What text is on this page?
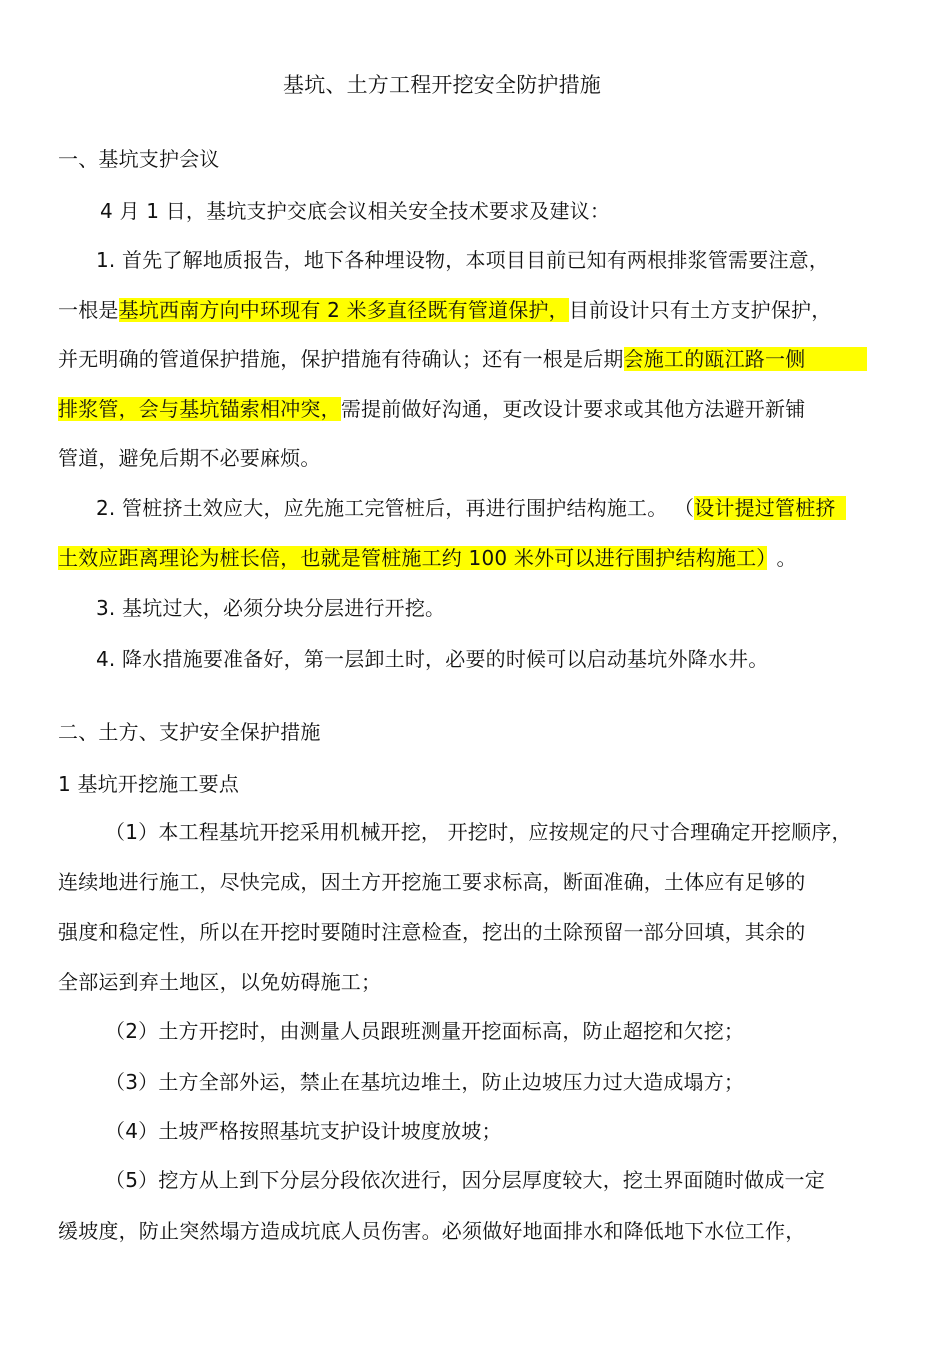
基坑、土方工程开挖安全防护措施
一、基坑支护会议
4 月 1 日，基坑支护交底会议相关安全技术要求及建议：
1. 首先了解地质报告，地下各种埋设物，本项目目前已知有两根排浆管需要注意，
一根是基坑西南方向中环现有 2 米多直径既有管道保护，目前设计只有土方支护保护，
并无明确的管道保护措施，保护措施有待确认；还有一根是后期会施工的瓯江路一侧
排浆管，会与基坑锚索相冲突，需提前做好沟通，更改设计要求或其他方法避开新铺
管道，避免后期不必要麻烦。
2. 管桩挤土效应大，应先施工完管桩后，再进行围护结构施工。 （设计提过管桩挤
土效应距离理论为桩长倍，也就是管桩施工约 100 米外可以进行围护结构施工） 。
3. 基坑过大，必须分块分层进行开挖。
4. 降水措施要准备好，第一层卸土时，必要的时候可以启动基坑外降水井。
二、土方、支护安全保护措施
1 基坑开挖施工要点
（1）本工程基坑开挖采用机械开挖， 开挖时，应按规定的尺寸合理确定开挖顺序，
连续地进行施工，尽快完成，因土方开挖施工要求标高，断面准确，土体应有足够的
强度和稳定性，所以在开挖时要随时注意检查，挖出的土除预留一部分回填，其余的
全部运到弃土地区，以免妨碍施工；
（2）土方开挖时，由测量人员跟班测量开挖面标高，防止超挖和欠挖；
（3）土方全部外运，禁止在基坑边堆土，防止边坡压力过大造成塌方；
（4）土坡严格按照基坑支护设计坡度放坡；
（5）挖方从上到下分层分段依次进行，因分层厚度较大，挖土界面随时做成一定
缓坡度，防止突然塌方造成坑底人员伤害。必须做好地面排水和降低地下水位工作，
